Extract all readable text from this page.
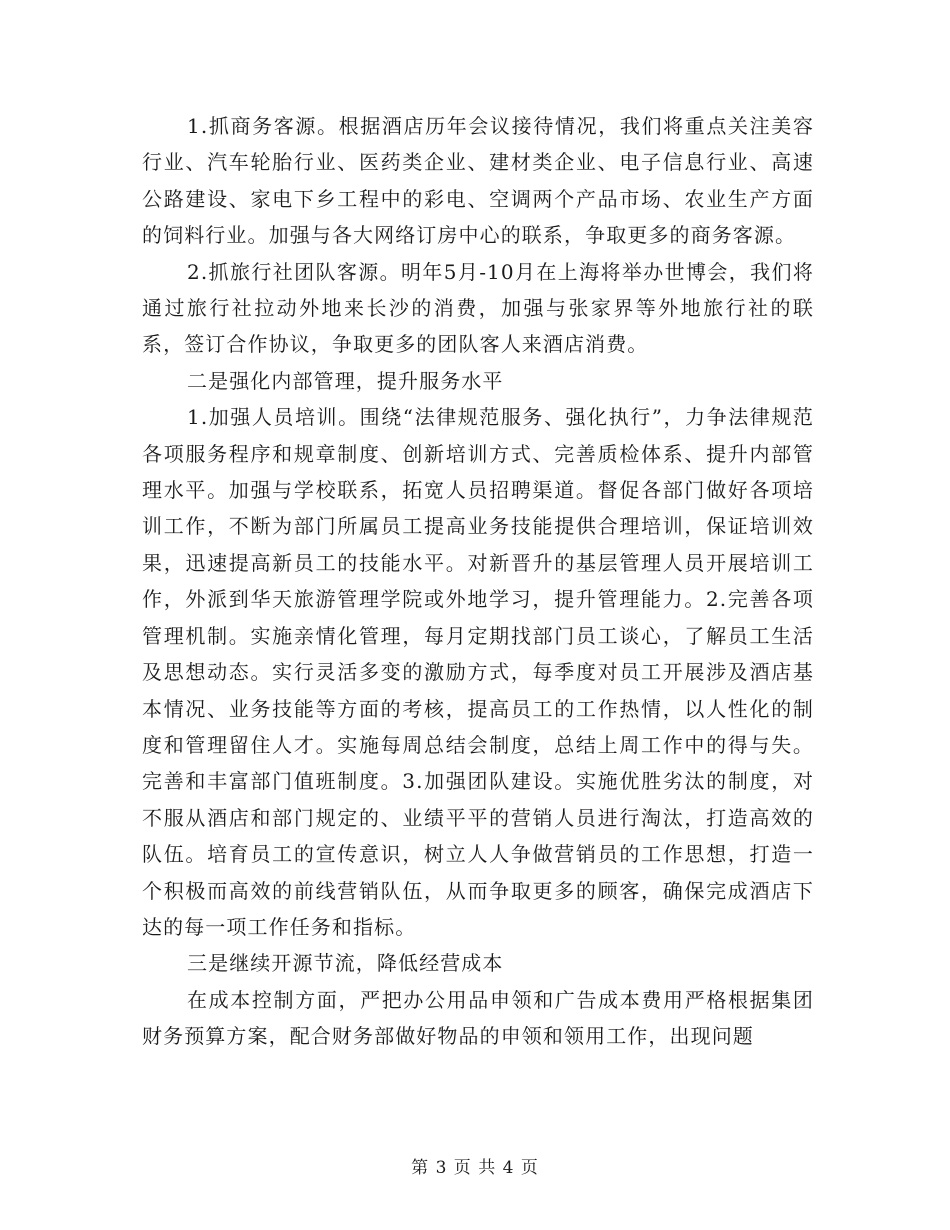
1.抓商务客源。根据酒店历年会议接待情况，我们将重点关注美容行业、汽车轮胎行业、医药类企业、建材类企业、电子信息行业、高速公路建设、家电下乡工程中的彩电、空调两个产品市场、农业生产方面的饲料行业。加强与各大网络订房中心的联系，争取更多的商务客源。

2.抓旅行社团队客源。明年5月-10月在上海将举办世博会，我们将通过旅行社拉动外地来长沙的消费，加强与张家界等外地旅行社的联系，签订合作协议，争取更多的团队客人来酒店消费。

二是强化内部管理，提升服务水平

1.加强人员培训。围绕“法律规范服务、强化执行”，力争法律规范各项服务程序和规章制度、创新培训方式、完善质检体系、提升内部管理水平。加强与学校联系，拓宽人员招聘渠道。督促各部门做好各项培训工作，不断为部门所属员工提高业务技能提供合理培训，保证培训效果，迅速提高新员工的技能水平。对新晋升的基层管理人员开展培训工作，外派到华天旅游管理学院或外地学习，提升管理能力。2.完善各项管理机制。实施亲情化管理，每月定期找部门员工谈心，了解员工生活及思想动态。实行灵活多变的激励方式，每季度对员工开展涉及酒店基本情况、业务技能等方面的考核，提高员工的工作热情，以人性化的制度和管理留住人才。实施每周总结会制度，总结上周工作中的得与失。完善和丰富部门值班制度。3.加强团队建设。实施优胜劣汰的制度，对不服从酒店和部门规定的、业绩平平的营销人员进行淘汰，打造高效的队伍。培育员工的宣传意识，树立人人争做营销员的工作思想，打造一个积极而高效的前线营销队伍，从而争取更多的顾客，确保完成酒店下达的每一项工作任务和指标。

三是继续开源节流，降低经营成本

在成本控制方面，严把办公用品申领和广告成本费用严格根据集团财务预算方案，配合财务部做好物品的申领和领用工作，出现问题

第 3 页 共 4 页
